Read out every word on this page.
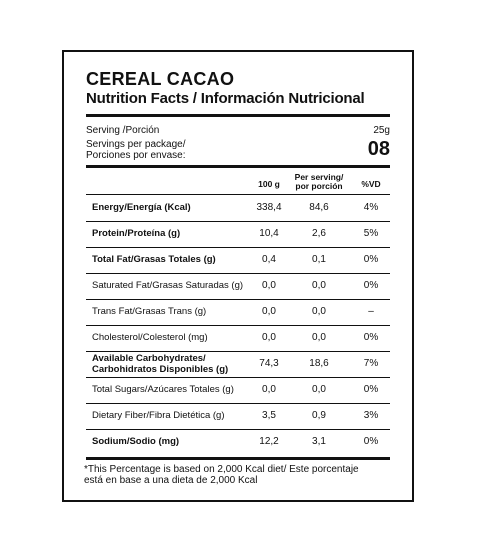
CEREAL CACAO
Nutrition Facts / Información Nutricional
Serving /Porción	25g
Servings per package/
Porciones por envase:	08
100 g
Per serving/
por porción	%VD
Energy/Energía (Kcal)	338,4	84,6	4%
Protein/Proteína (g)	10,4	2,6	5%
Total Fat/Grasas Totales (g)	0,4	0,1	0%
Saturated Fat/Grasas Saturadas (g)	0,0	0,0	0%
Trans Fat/Grasas Trans (g)	0,0	0,0	–
Cholesterol/Colesterol (mg)	0,0	0,0	0%
Available Carbohydrates/
Carbohidratos Disponibles (g)
74,3	18,6	7%
Total Sugars/Azúcares Totales (g)	0,0	0,0	0%
Dietary Fiber/Fibra Dietética (g)	3,5	0,9	3%
Sodium/Sodio (mg)	12,2	3,1	0%
*This Percentage is based on 2,000 Kcal diet/ Este porcentaje
está en base a una dieta de 2,000 Kcal
